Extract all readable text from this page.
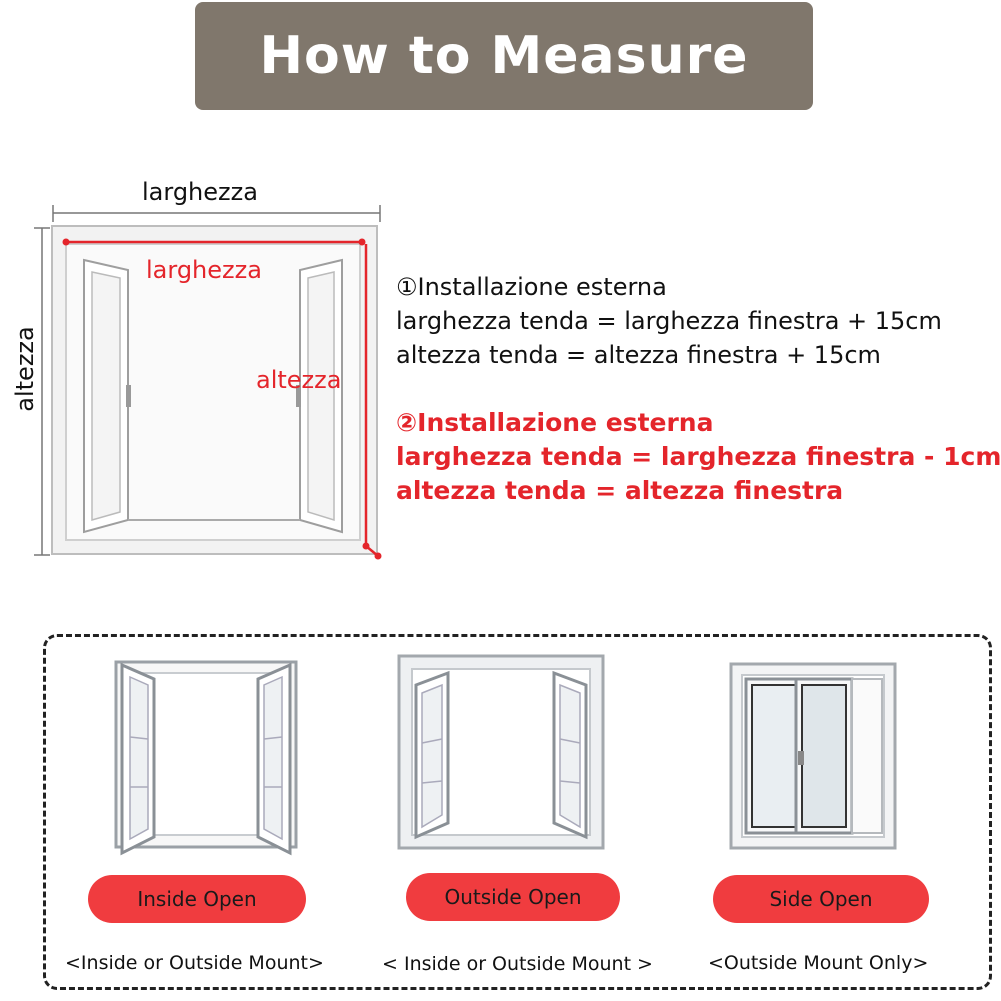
How to Measure
larghezza
altezza
larghezza
altezza
①Installazione esterna
larghezza tenda = larghezza finestra + 15cm
altezza tenda = altezza finestra + 15cm
②Installazione esterna
larghezza tenda = larghezza finestra - 1cm
altezza tenda = altezza finestra
Inside Open
<Inside or Outside Mount>
Outside Open
< Inside or Outside Mount >
Side Open
<Outside Mount Only>
